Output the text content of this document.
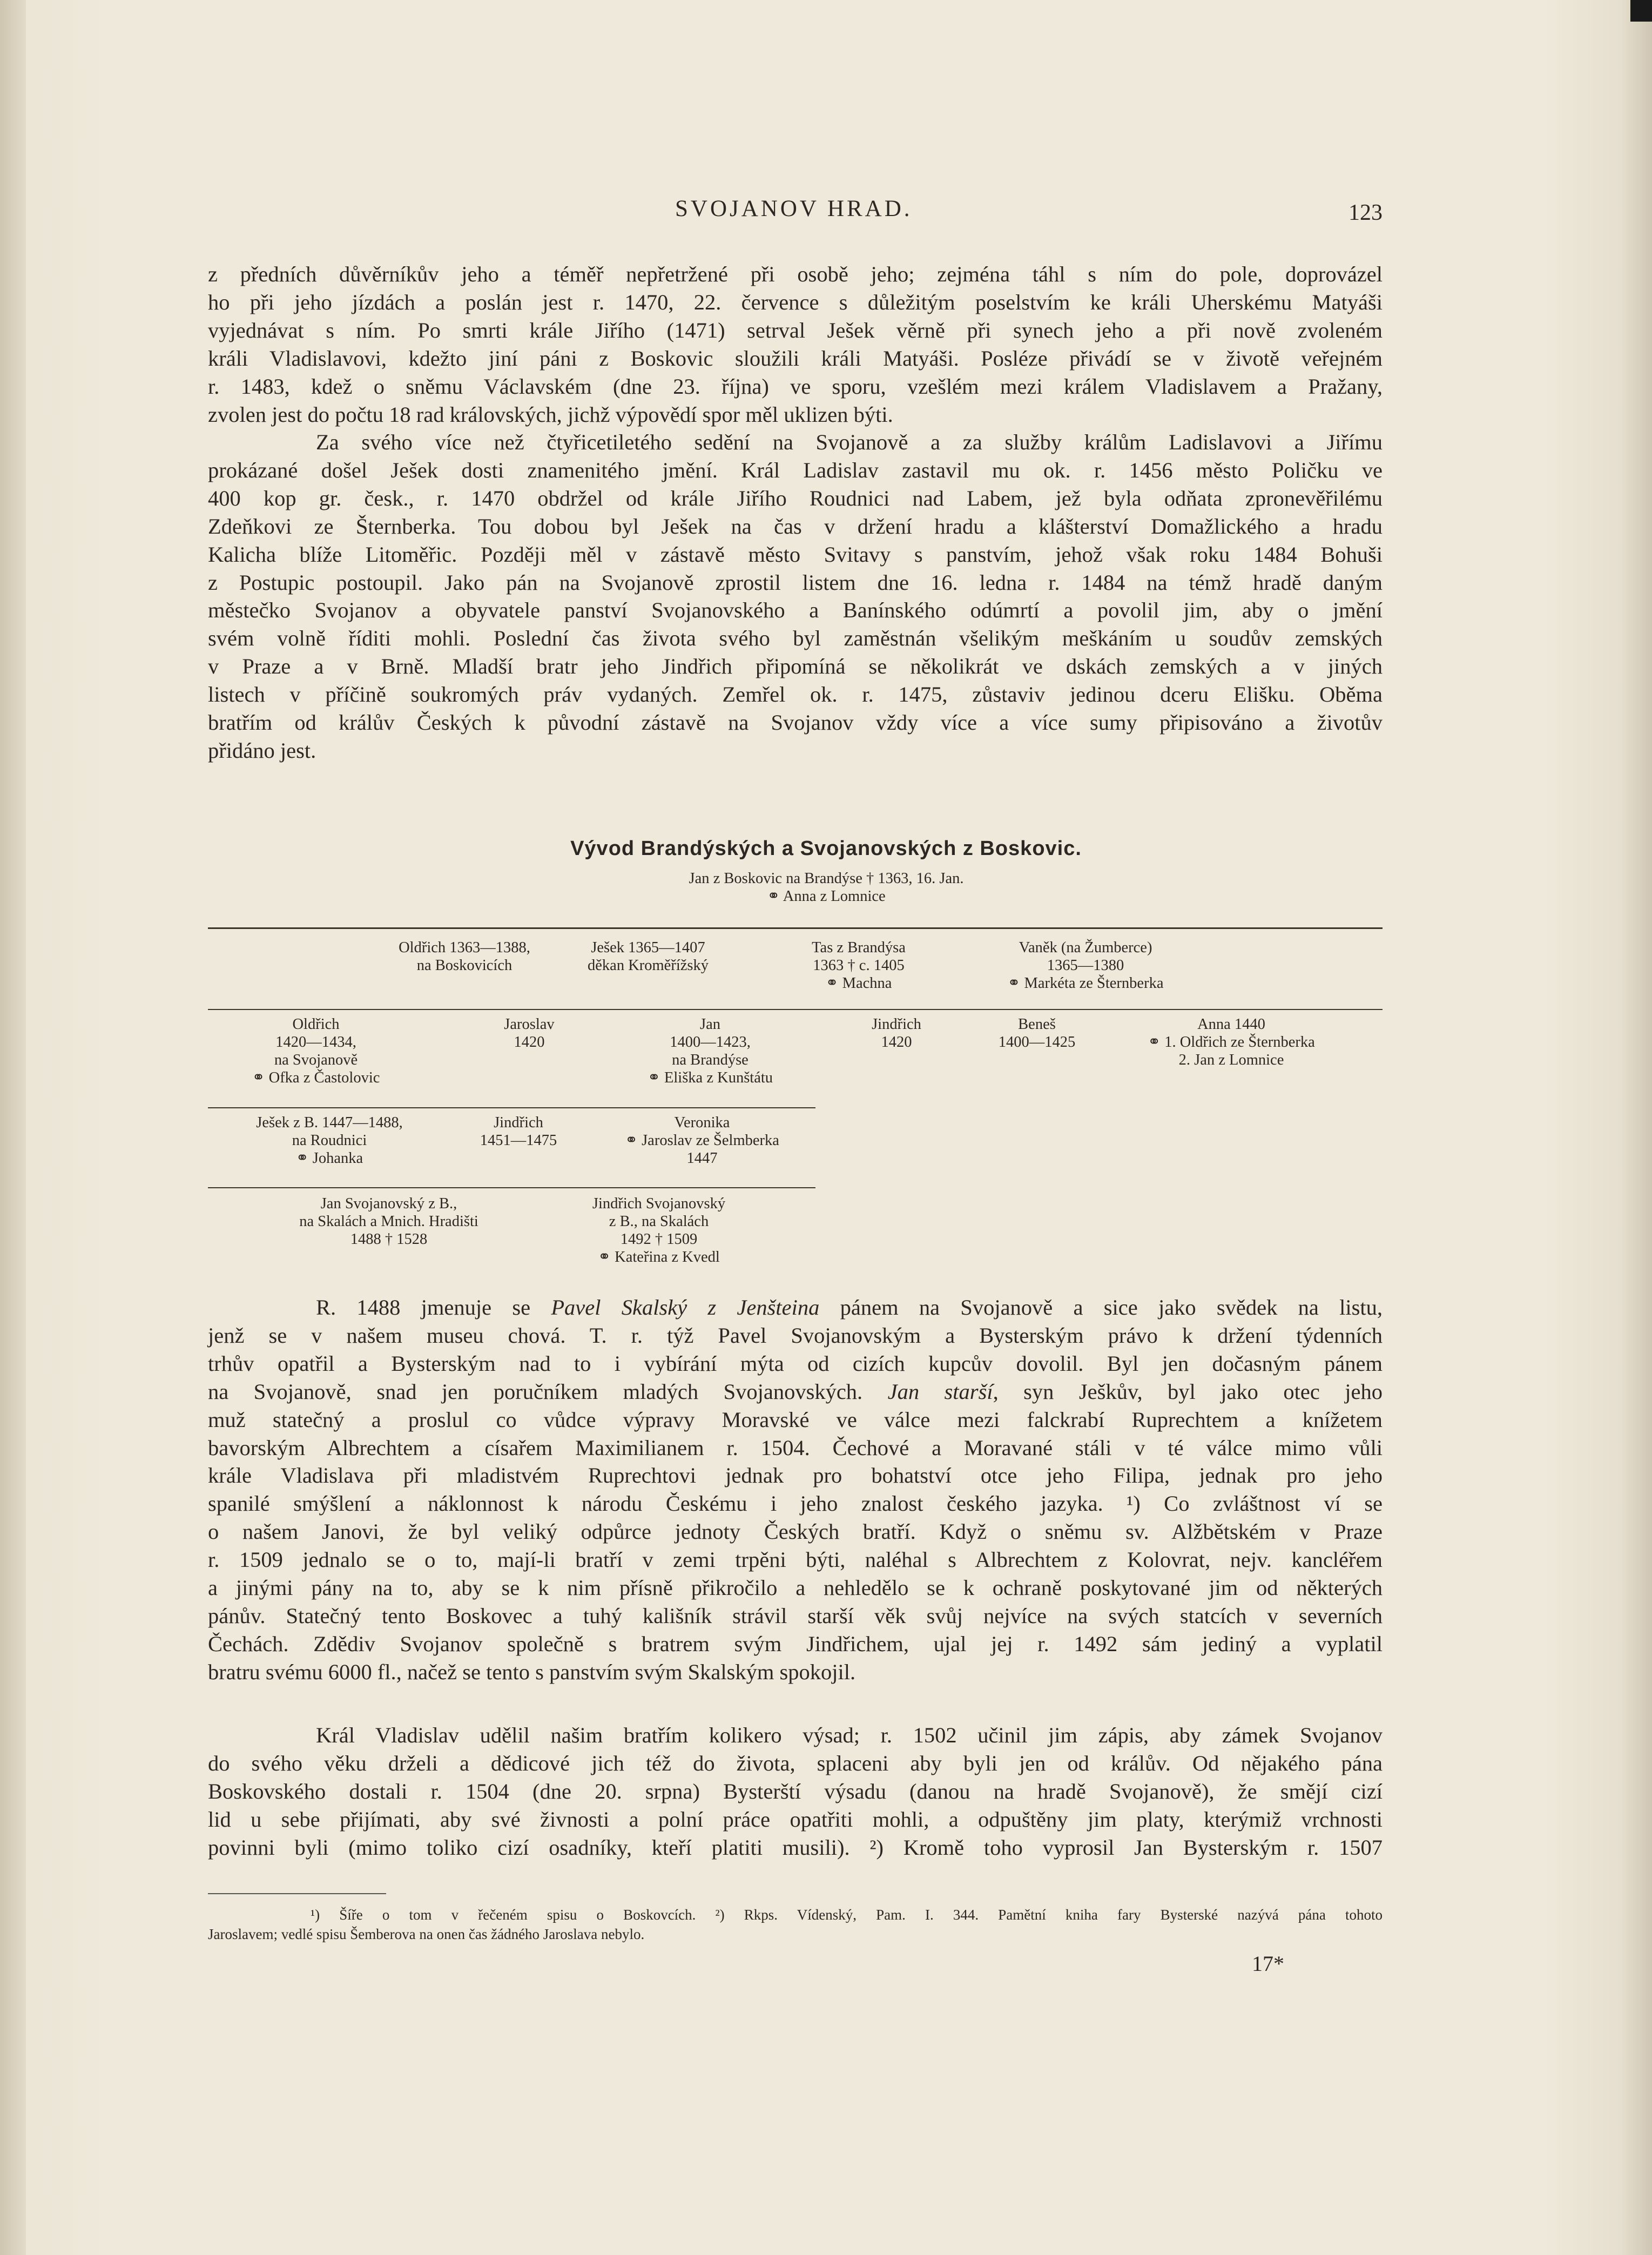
SVOJANOV HRAD.	123
z předních důvěrníkův jeho a téměř nepřetržené při osobě jeho; zejména táhl s ním do pole, doprovázel
ho při jeho jízdách a poslán jest r. 1470, 22. července s důležitým poselstvím ke králi Uherskému Matyáši
vyjednávat s ním. Po smrti krále Jiřího (1471) setrval Ješek věrně při synech jeho a při nově zvoleném
králi Vladislavovi, kdežto jiní páni z Boskovic sloužili králi Matyáši. Posléze přivádí se v životě veřejném
r. 1483, kdež o sněmu Václavském (dne 23. října) ve sporu, vzešlém mezi králem Vladislavem a Pražany,
zvolen jest do počtu 18 rad královských, jichž výpovědí spor měl uklizen býti.
Za svého více než čtyřicetiletého sedění na Svojanově a za služby králům Ladislavovi a Jiřímu
prokázané došel Ješek dosti znamenitého jmění. Král Ladislav zastavil mu ok. r. 1456 město Poličku ve
400 kop gr. česk., r. 1470 obdržel od krále Jiřího Roudnici nad Labem, jež byla odňata zpronevěřilému
Zdeňkovi ze Šternberka. Tou dobou byl Ješek na čas v držení hradu a klášterství Domažlického a hradu
Kalicha blíže Litoměřic. Později měl v zástavě město Svitavy s panstvím, jehož však roku 1484 Bohuši
z Postupic postoupil. Jako pán na Svojanově zprostil listem dne 16. ledna r. 1484 na témž hradě daným
městečko Svojanov a obyvatele panství Svojanovského a Banínského odúmrtí a povolil jim, aby o jmění
svém volně říditi mohli. Poslední čas života svého byl zaměstnán všelikým meškáním u soudův zemských
v Praze a v Brně. Mladší bratr jeho Jindřich připomíná se několikrát ve dskách zemských a v jiných
listech v příčině soukromých práv vydaných. Zemřel ok. r. 1475, zůstaviv jedinou dceru Elišku. Oběma
bratřím od králův Českých k původní zástavě na Svojanov vždy více a více sumy připisováno a životův
přidáno jest.
Vývod Brandýských a Svojanovských z Boskovic.
Jan z Boskovic na Brandýse † 1363, 16. Jan.
⚭ Anna z Lomnice
Oldřich 1363—1388,
na Boskovicích
Ješek 1365—1407
děkan Kroměřížský
Tas z Brandýsa
1363 † c. 1405
⚭ Machna
Vaněk (na Žumberce)
1365—1380
⚭ Markéta ze Šternberka
Oldřich
1420—1434,
na Svojanově
⚭ Ofka z Častolovic
Jaroslav
1420
Jan
1400—1423,
na Brandýse
⚭ Eliška z Kunštátu
Jindřich
1420
Beneš
1400—1425
Anna 1440
⚭ 1. Oldřich ze Šternberka
2. Jan z Lomnice
Ješek z B. 1447—1488,
na Roudnici
⚭ Johanka
Jindřich
1451—1475
Veronika
⚭ Jaroslav ze Šelmberka
1447
Jan Svojanovský z B.,
na Skalách a Mnich. Hradišti
1488 † 1528
Jindřich Svojanovský
z B., na Skalách
1492 † 1509
⚭ Kateřina z Kvedl
R. 1488 jmenuje se Pavel Skalský z Jenšteina pánem na Svojanově a sice jako svědek na listu,
jenž se v našem museu chová. T. r. týž Pavel Svojanovským a Bysterským právo k držení týdenních
trhův opatřil a Bysterským nad to i vybírání mýta od cizích kupcův dovolil. Byl jen dočasným pánem
na Svojanově, snad jen poručníkem mladých Svojanovských. Jan starší, syn Ješkův, byl jako otec jeho
muž statečný a proslul co vůdce výpravy Moravské ve válce mezi falckrabí Ruprechtem a knížetem
bavorským Albrechtem a císařem Maximilianem r. 1504. Čechové a Moravané stáli v té válce mimo vůli
krále Vladislava při mladistvém Ruprechtovi jednak pro bohatství otce jeho Filipa, jednak pro jeho
spanilé smýšlení a náklonnost k národu Českému i jeho znalost českého jazyka. ¹) Co zvláštnost ví se
o našem Janovi, že byl veliký odpůrce jednoty Českých bratří. Když o sněmu sv. Alžbětském v Praze
r. 1509 jednalo se o to, mají-li bratří v zemi trpěni býti, naléhal s Albrechtem z Kolovrat, nejv. kancléřem
a jinými pány na to, aby se k nim přísně přikročilo a nehledělo se k ochraně poskytované jim od některých
pánův. Statečný tento Boskovec a tuhý kališník strávil starší věk svůj nejvíce na svých statcích v severních
Čechách. Zdědiv Svojanov společně s bratrem svým Jindřichem, ujal jej r. 1492 sám jediný a vyplatil
bratru svému 6000 fl., načež se tento s panstvím svým Skalským spokojil.
Král Vladislav udělil našim bratřím kolikero výsad; r. 1502 učinil jim zápis, aby zámek Svojanov
do svého věku drželi a dědicové jich též do života, splaceni aby byli jen od králův. Od nějakého pána
Boskovského dostali r. 1504 (dne 20. srpna) Bysterští výsadu (danou na hradě Svojanově), že smějí cizí
lid u sebe přijímati, aby své živnosti a polní práce opatřiti mohli, a odpuštěny jim platy, kterýmiž vrchnosti
povinni byli (mimo toliko cizí osadníky, kteří platiti musili). ²) Kromě toho vyprosil Jan Bysterským r. 1507
¹) Šíře o tom v řečeném spisu o Boskovcích. ²) Rkps. Vídenský, Pam. I. 344. Pamětní kniha fary Bysterské nazývá pána tohoto
Jaroslavem; vedlé spisu Šemberova na onen čas žádného Jaroslava nebylo.
17*
